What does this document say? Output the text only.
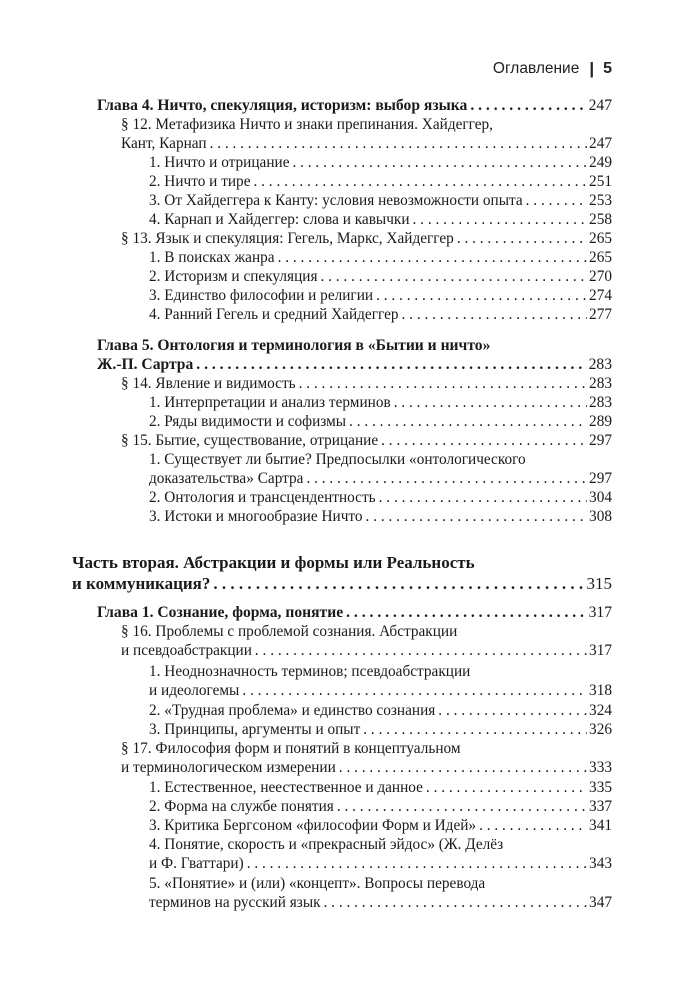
Оглавление | 5
Глава 4. Ничто, спекуляция, историзм: выбор языка . . .	247
§ 12. Метафизика Ничто и знаки препинания. Хайдеггер,
Кант, Карнап . . .	247
1. Ничто и отрицание . . .	249
2. Ничто и тире . . .	251
3. От Хайдеггера к Канту: условия невозможности опыта . . .	253
4. Карнап и Хайдеггер: слова и кавычки . . .	258
§ 13. Язык и спекуляция: Гегель, Маркс, Хайдеггер . . .	265
1. В поисках жанра . . .	265
2. Историзм и спекуляция . . .	270
3. Единство философии и религии . . .	274
4. Ранний Гегель и средний Хайдеггер . . .	277
Глава 5. Онтология и терминология в «Бытии и ничто»
Ж.-П. Сартра . . .	283
§ 14. Явление и видимость . . .	283
1. Интерпретации и анализ терминов . . .	283
2. Ряды видимости и софизмы . . .	289
§ 15. Бытие, существование, отрицание . . .	297
1. Существует ли бытие? Предпосылки «онтологического
доказательства» Сартра . . .	297
2. Онтология и трансцендентность . . .	304
3. Истоки и многообразие Ничто . . .	308
Часть вторая. Абстракции и формы или Реальность
и коммуникация? . . .	315
Глава 1. Сознание, форма, понятие . . .	317
§ 16. Проблемы с проблемой сознания. Абстракции
и псевдоабстракции . . .	317
1. Неоднозначность терминов; псевдоабстракции
и идеологемы . . .	318
2. «Трудная проблема» и единство сознания . . .	324
3. Принципы, аргументы и опыт . . .	326
§ 17. Философия форм и понятий в концептуальном
и терминологическом измерении . . .	333
1. Естественное, неестественное и данное . . .	335
2. Форма на службе понятия . . .	337
3. Критика Бергсоном «философии Форм и Идей» . . .	341
4. Понятие, скорость и «прекрасный эйдос» (Ж. Делёз
и Ф. Гваттари) . . .	343
5. «Понятие» и (или) «концепт». Вопросы перевода
терминов на русский язык . . .	347
